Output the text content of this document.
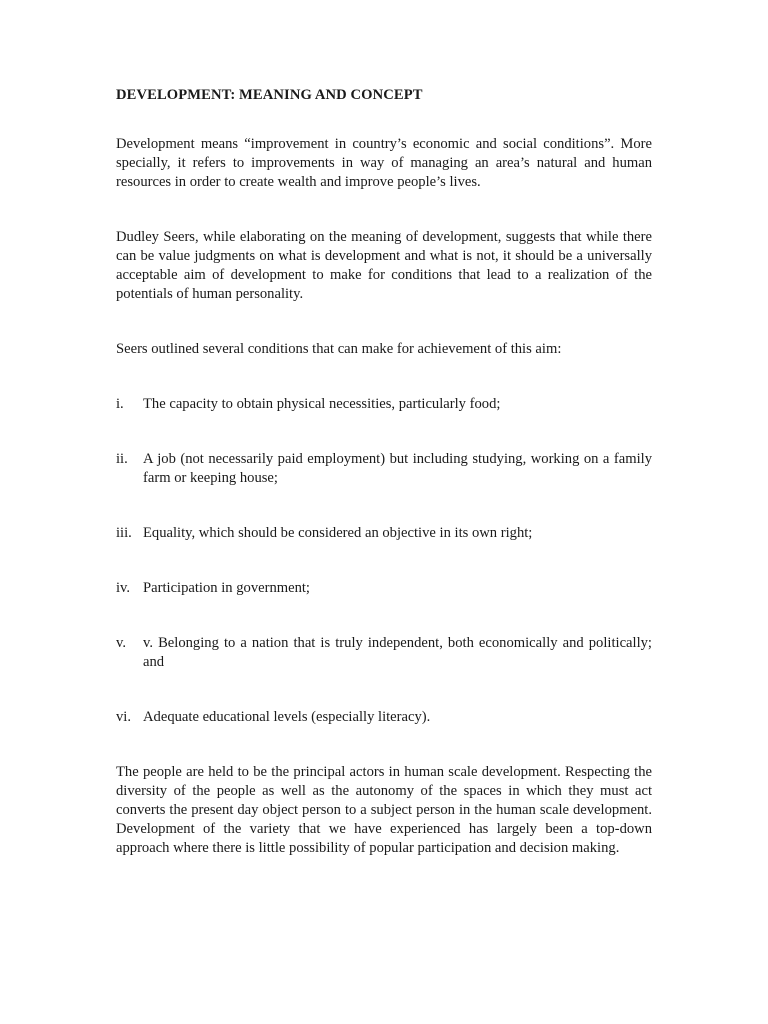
DEVELOPMENT: MEANING AND CONCEPT

Development means “improvement in country’s economic and social conditions”. More specially, it refers to improvements in way of managing an area’s natural and human resources in order to create wealth and improve people’s lives.

Dudley Seers, while elaborating on the meaning of development, suggests that while there can be value judgments on what is development and what is not, it should be a universally acceptable aim of development to make for conditions that lead to a realization of the potentials of human personality.

Seers outlined several conditions that can make for achievement of this aim:

i. The capacity to obtain physical necessities, particularly food;
ii. A job (not necessarily paid employment) but including studying, working on a family farm or keeping house;
iii. Equality, which should be considered an objective in its own right;
iv. Participation in government;
v. v. Belonging to a nation that is truly independent, both economically and politically; and
vi. Adequate educational levels (especially literacy).

The people are held to be the principal actors in human scale development. Respecting the diversity of the people as well as the autonomy of the spaces in which they must act converts the present day object person to a subject person in the human scale development. Development of the variety that we have experienced has largely been a top-down approach where there is little possibility of popular participation and decision making.
